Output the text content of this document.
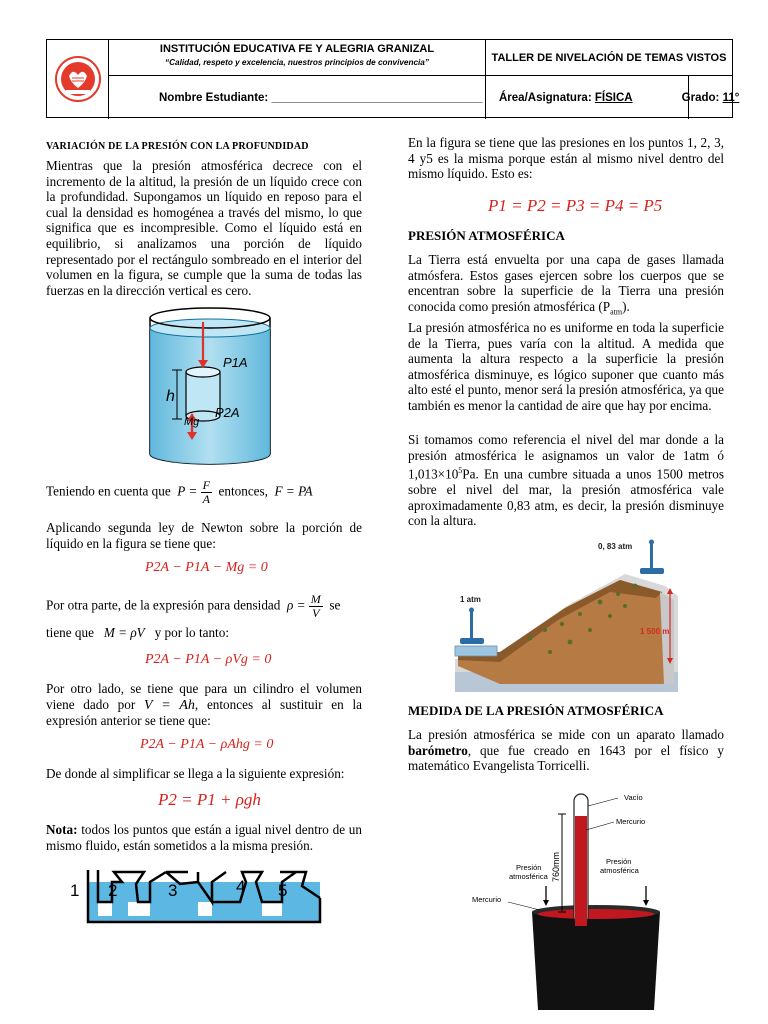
INSTITUCIÓN EDUCATIVA FE Y ALEGRIA GRANIZAL
“Calidad, respeto y excelencia, nuestros principios de convivencia”	TALLER DE NIVELACIÓN DE TEMAS VISTOS
Nombre Estudiante: _________________________________	Área/Asignatura:
FÍSICA	Grado:
11°
VARIACIÓN DE LA PRESIÓN CON LA PROFUNDIDAD
Mientras que la presión atmosférica decrece con el incremento de la altitud, la presión de un líquido crece con la profundidad. Supongamos un líquido en reposo para el cual la densidad es homogénea a través del mismo, lo que significa que es incompresible. Como el líquido está en equilibrio, si analizamos una porción de líquido representado por el rectángulo sombreado en el interior del volumen en la figura, se cumple que la suma de todas las fuerzas en la dirección vertical es cero.
P1A
h
Mg
P2A
Teniendo en cuenta que $P = \frac{F}{A}$ entonces, F = PA
Aplicando segunda ley de Newton sobre la porción de líquido en la figura se tiene que:
P2A − P1A − Mg = 0
Por otra parte, de la expresión para densidad $\rho = \frac{M}{V}$ se
tiene que M = ρV y por lo tanto:
P2A − P1A − ρVg = 0
Por otro lado, se tiene que para un cilindro el volumen viene dado por V = Ah, entonces al sustituir en la expresión anterior se tiene que:
P2A − P1A − ρAhg = 0
De donde al simplificar se llega a la siguiente expresión:
P2 = P1 + ρgh
Nota: todos los puntos que están a igual nivel dentro de un mismo fluido, están sometidos a la misma presión.
1 2	3	4 5
En la figura se tiene que las presiones en los puntos 1, 2, 3, 4 y5 es la misma porque están al mismo nivel dentro del mismo líquido. Esto es:
P1 = P2 = P3 = P4 = P5
PRESIÓN ATMOSFÉRICA
La Tierra está envuelta por una capa de gases llamada atmósfera. Estos gases ejercen sobre los cuerpos que se encentran sobre la superficie de la Tierra una presión conocida como presión atmosférica $(P_{atm})$.
La presión atmosférica no es uniforme en toda la superficie de la Tierra, pues varía con la altitud. A medida que aumenta la altura respecto a la superficie la presión atmosférica disminuye, es lógico suponer que cuanto más alto esté el punto, menor será la presión atmosférica, ya que también es menor la cantidad de aire que hay por encima.
Si tomamos como referencia el nivel del mar donde a la presión atmosférica le asignamos un valor de 1atm ó $1,013\times 10^5Pa$. En una cumbre situada a unos 1500 metros sobre el nivel del mar, la presión atmosférica vale aproximadamente 0,83 atm, es decir, la presión disminuye con la altura.
0, 83 atm
1 atm
1 500 m
MEDIDA DE LA PRESIÓN ATMOSFÉRICA
La presión atmosférica se mide con un aparato llamado barómetro, que fue creado en 1643 por el físico y matemático Evangelista Torricelli.
Vacío
Mercurio
760mm
Presión
atmosférica
Presión
atmosférica
Mercurio
